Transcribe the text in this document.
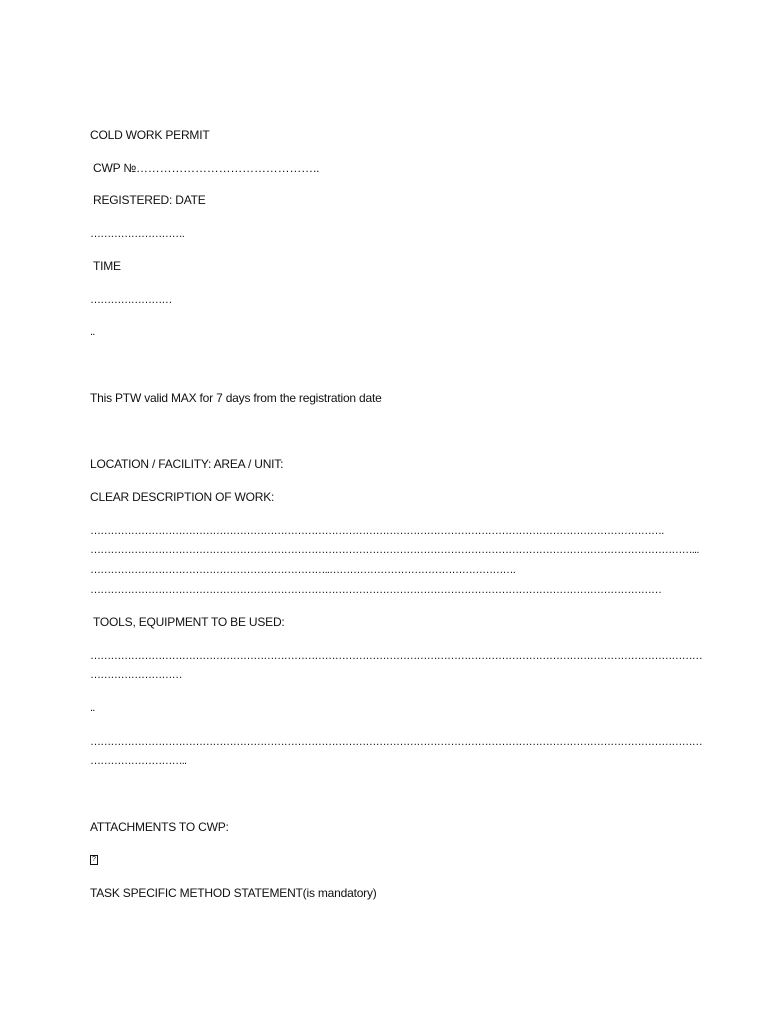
COLD WORK PERMIT
CWP №………………………………………..
REGISTERED: DATE
……………………….
TIME
……………………
..
This PTW valid MAX for 7 days from the registration date
LOCATION / FACILITY: AREA / UNIT:
CLEAR DESCRIPTION OF WORK:
…………………………………………………………………………………………………………………………………………………….
……………………………………………………………………………………………………………………………………………………………...
……………………………………………………………..……………………………………………….
……………………………………………………………………………………………………………………………………………………
TOOLS, EQUIPMENT TO BE USED:
………………………………………………………………………………………………………………………………………………………………
………………………
..
………………………………………………………………………………………………………………………………………………………………
………………………..
ATTACHMENTS TO CWP:
?
TASK SPECIFIC METHOD STATEMENT(is mandatory)
